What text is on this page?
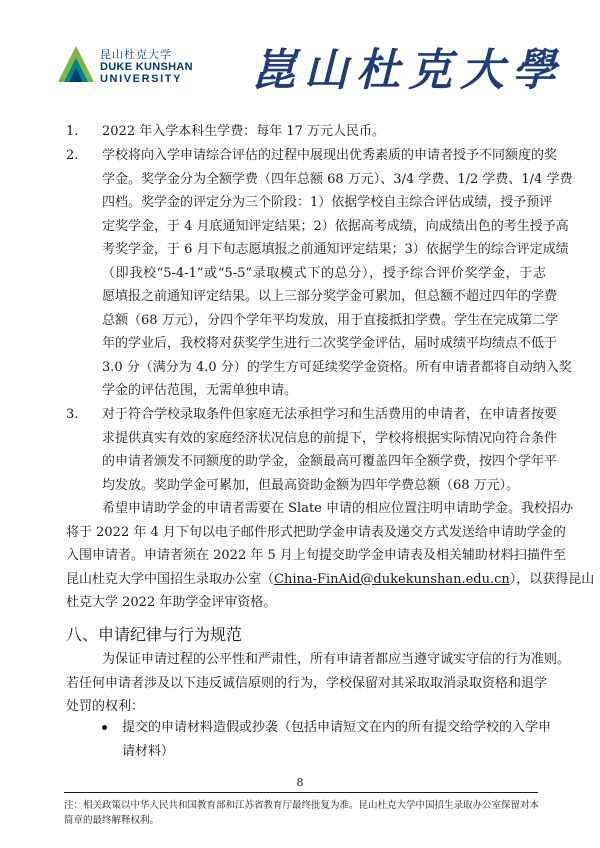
昆山杜克大学
DUKE KUNSHAN
UNIVERSITY 崑山杜克大學
1.	2022 年入学本科生学费：每年 17 万元人民币。
2.	学校将向入学申请综合评估的过程中展现出优秀素质的申请者授予不同额度的奖
学金。奖学金分为全额学费（四年总额 68 万元）、3/4 学费、1/2 学费、1/4 学费
四档。奖学金的评定分为三个阶段：1）依据学校自主综合评估成绩，授予预评
定奖学金，于 4 月底通知评定结果；2）依据高考成绩，向成绩出色的考生授予高
考奖学金，于 6 月下旬志愿填报之前通知评定结果；3）依据学生的综合评定成绩
（即我校“5-4-1”或“5-5”录取模式下的总分），授予综合评价奖学金，于志
愿填报之前通知评定结果。以上三部分奖学金可累加，但总额不超过四年的学费
总额（68 万元），分四个学年平均发放，用于直接抵扣学费。学生在完成第二学
年的学业后，我校将对获奖学生进行二次奖学金评估，届时成绩平均绩点不低于
3.0 分（满分为 4.0 分）的学生方可延续奖学金资格。所有申请者都将自动纳入奖
学金的评估范围，无需单独申请。
3.	对于符合学校录取条件但家庭无法承担学习和生活费用的申请者，在申请者按要
求提供真实有效的家庭经济状况信息的前提下，学校将根据实际情况向符合条件
的申请者颁发不同额度的助学金，金额最高可覆盖四年全额学费，按四个学年平
均发放。奖助学金可累加，但最高资助金额为四年学费总额（68 万元）。
希望申请助学金的申请者需要在 Slate 申请的相应位置注明申请助学金。我校招办
将于 2022 年 4 月下旬以电子邮件形式把助学金申请表及递交方式发送给申请助学金的
入围申请者。申请者须在 2022 年 5 月上旬提交助学金申请表及相关辅助材料扫描件至
昆山杜克大学中国招生录取办公室（China-FinAid@dukekunshan.edu.cn），以获得昆山
杜克大学 2022 年助学金评审资格。
八、申请纪律与行为规范
为保证申请过程的公平性和严肃性，所有申请者都应当遵守诚实守信的行为准则。
若任何申请者涉及以下违反诚信原则的行为，学校保留对其采取取消录取资格和退学
处罚的权利：
提交的申请材料造假或抄袭（包括申请短文在内的所有提交给学校的入学申
请材料）
8
注：相关政策以中华人民共和国教育部和江苏省教育厅最终批复为准。昆山杜克大学中国招生录取办公室保留对本
简章的最终解释权利。
